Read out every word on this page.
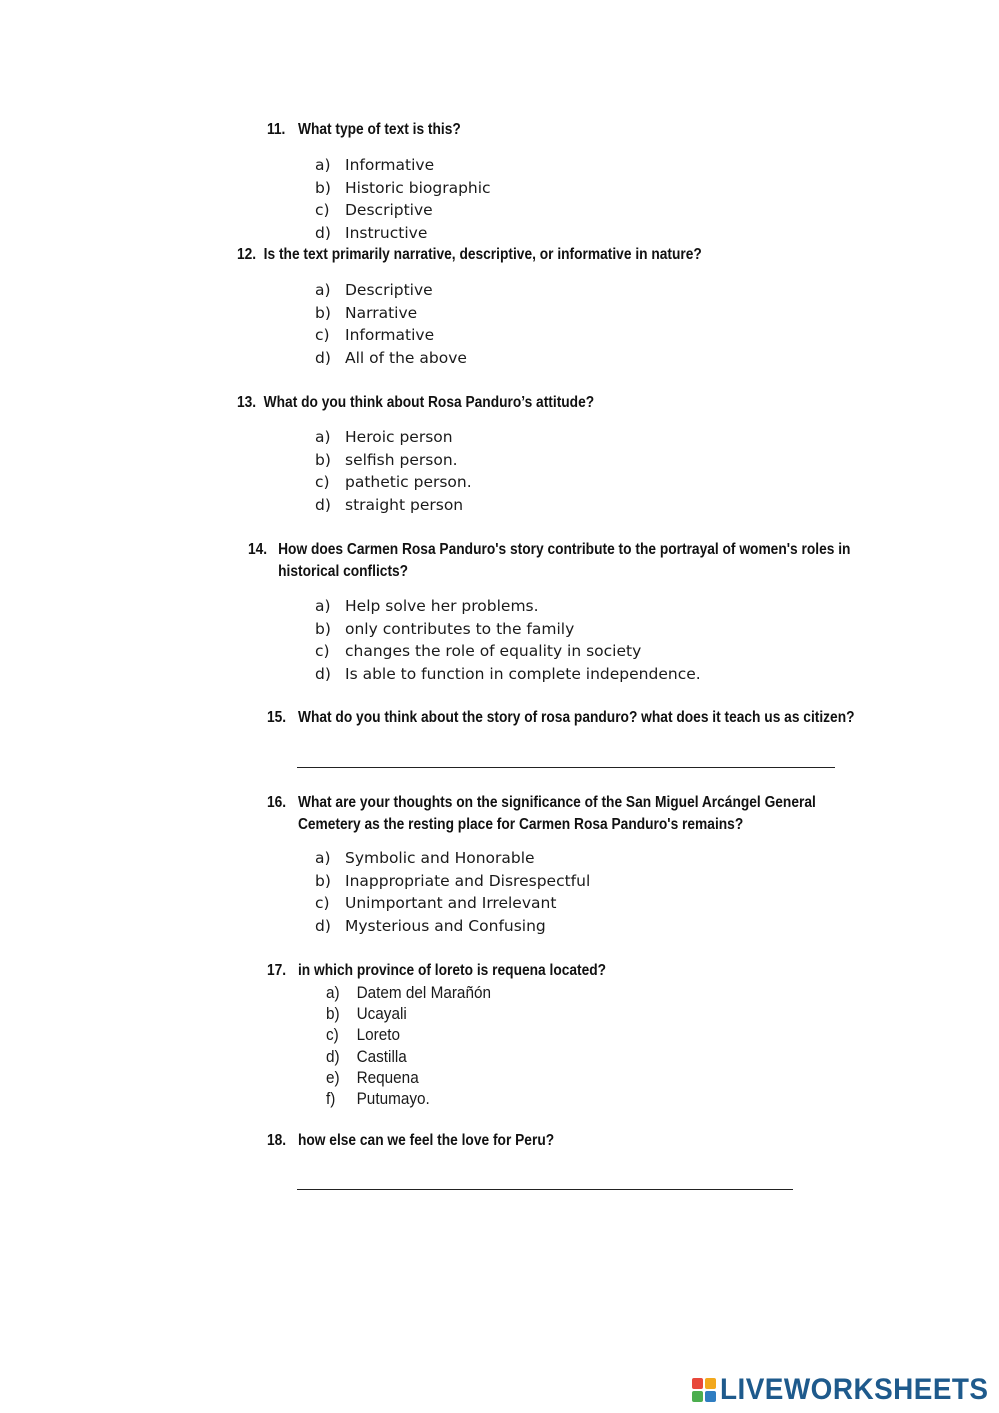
11. What type of text is this?
a) Informative
b) Historic biographic
c) Descriptive
d) Instructive
12. Is the text primarily narrative, descriptive, or informative in nature?
a) Descriptive
b) Narrative
c) Informative
d) All of the above
13. What do you think about Rosa Panduro’s attitude?
a) Heroic person
b) selfish person.
c) pathetic person.
d) straight person
14. How does Carmen Rosa Panduro's story contribute to the portrayal of women's roles in
historical conflicts?
a) Help solve her problems.
b) only contributes to the family
c) changes the role of equality in society
d) Is able to function in complete independence.
15. What do you think about the story of rosa panduro? what does it teach us as citizen?
16. What are your thoughts on the significance of the San Miguel Arcángel General
Cemetery as the resting place for Carmen Rosa Panduro's remains?
a) Symbolic and Honorable
b) Inappropriate and Disrespectful
c) Unimportant and Irrelevant
d) Mysterious and Confusing
17.in which province of loreto is requena located?
a) Datem del Marañón
b) Ucayali
c) Loreto
d) Castilla
e) Requena
f) Putumayo.
18. how else can we feel the love for Peru?
LIVEWORKSHEETS
